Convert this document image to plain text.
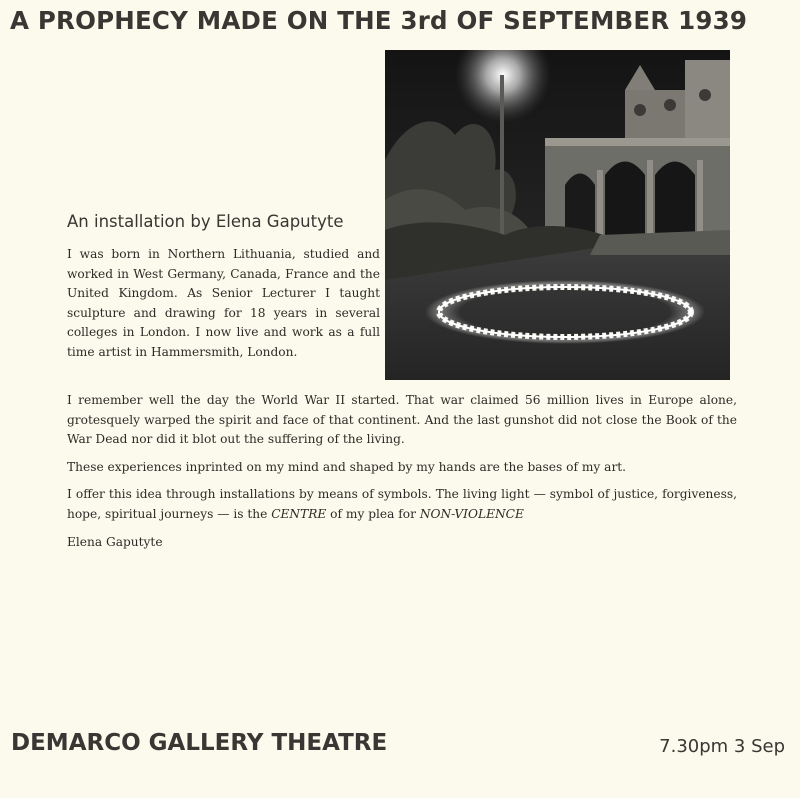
A PROPHECY MADE ON THE 3rd OF SEPTEMBER 1939
An installation by Elena Gaputyte
I was born in Northern Lithuania, studied and worked in West Germany, Canada, France and the United Kingdom. As Senior Lecturer I taught sculpture and drawing for 18 years in several colleges in London. I now live and work as a full time artist in Hammersmith, London.

I remember well the day the World War II started. That war claimed 56 million lives in Europe alone, grotesquely warped the spirit and face of that continent. And the last gunshot did not close the Book of the War Dead nor did it blot out the suffering of the living.

These experiences inprinted on my mind and shaped by my hands are the bases of my art.

I offer this idea through installations by means of symbols. The living light — symbol of justice, forgiveness, hope, spiritual journeys — is the CENTRE of my plea for NON-VIOLENCE

Elena Gaputyte

DEMARCO GALLERY THEATRE	7.30pm 3 Sep
